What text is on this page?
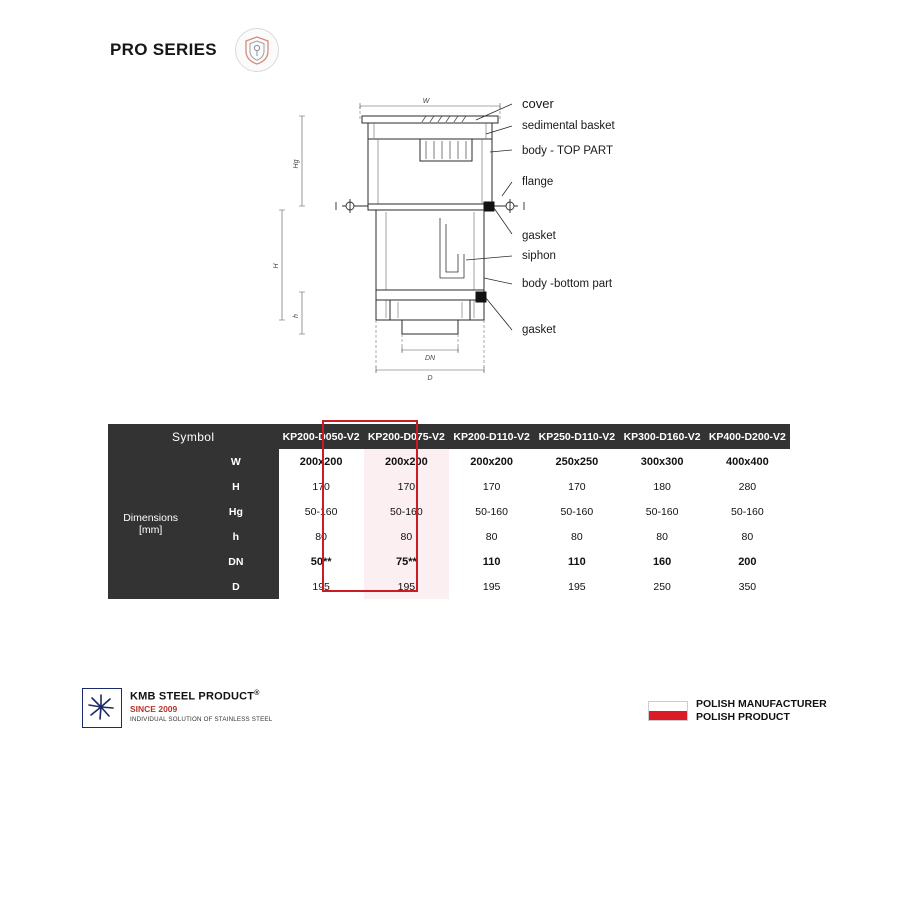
PRO SERIES
W
Hg
H
h
DN
D
cover
sedimental basket
body - TOP PART
flange
gasket
siphon
body -bottom part
gasket
Symbol		KP200-D050-V2	KP200-D075-V2	KP200-D110-V2	KP250-D110-V2	KP300-D160-V2	KP400-D200-V2
Dimensions
[mm]	W	200x200	200x200	200x200	250x250	300x300	400x400
	H	170	170	170	170	180	280
	Hg	50-160	50-160	50-160	50-160	50-160	50-160
	h	80	80	80	80	80	80
	DN	50**	75**	110	110	160	200
	D	195	195	195	195	250	350
KMB STEEL PRODUCT®
SINCE 2009
INDIVIDUAL SOLUTION OF STAINLESS STEEL
POLISH MANUFACTURER
POLISH PRODUCT
